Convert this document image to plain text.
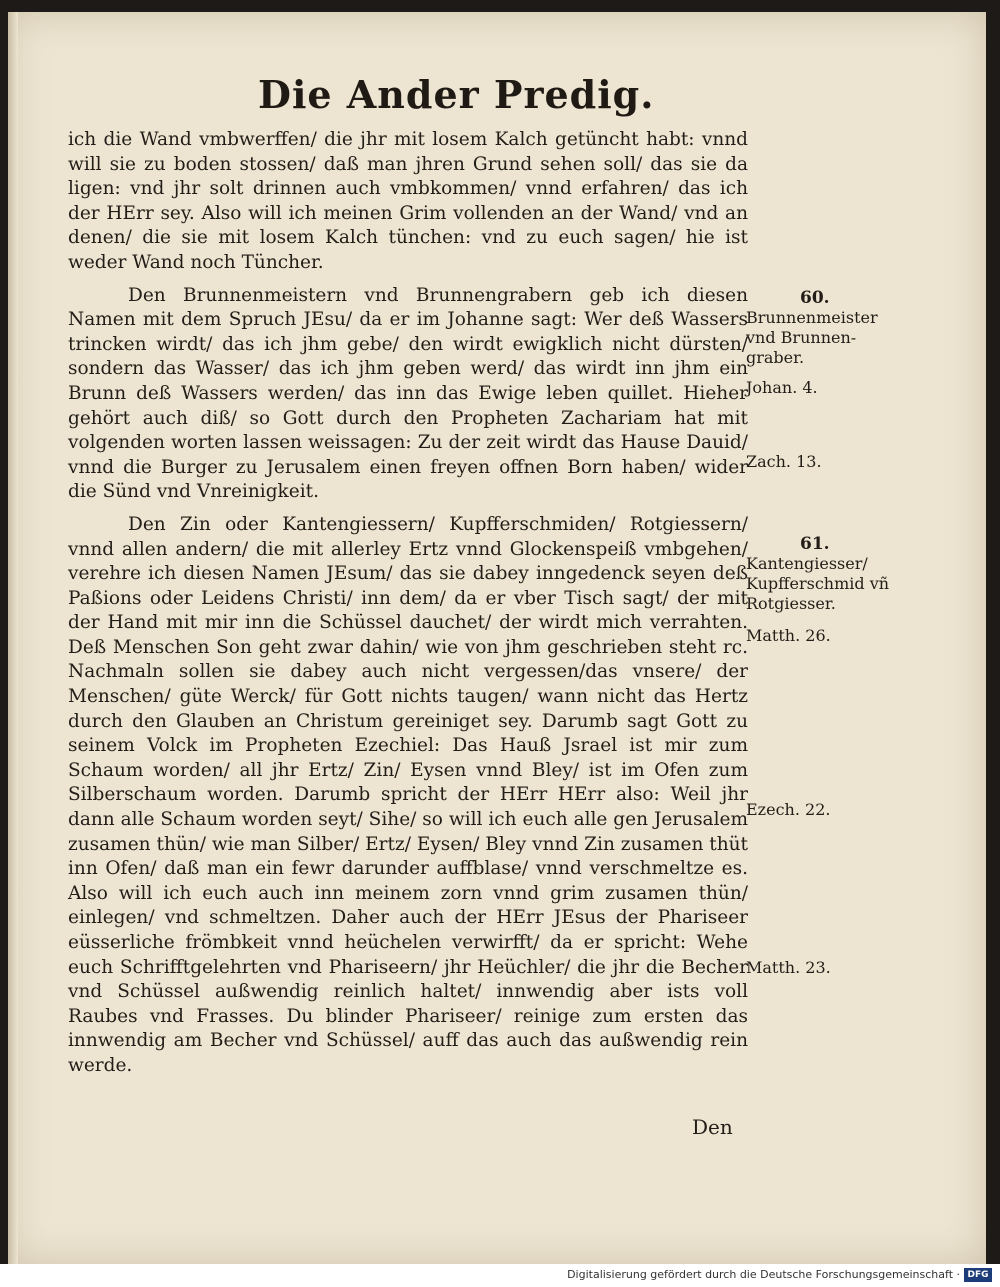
Die Ander Predig.

ich die Wand vmbwerffen/ die jhr mit losem Kalch getüncht habt: vnnd will sie zu boden stossen/ daß man jhren Grund sehen soll/ das sie da ligen: vnd jhr solt drinnen auch vmbkommen/ vnnd erfahren/ das ich der HErr sey. Also will ich meinen Grim vollenden an der Wand/ vnd an denen/ die sie mit losem Kalch tünchen: vnd zu euch sagen/ hie ist weder Wand noch Tüncher.

Den Brunnenmeistern vnd Brunnengrabern geb ich diesen Namen mit dem Spruch JEsu/ da er im Johanne sagt: Wer deß Wassers trincken wirdt/ das ich jhm gebe/ den wirdt ewigklich nicht dürsten/ sondern das Wasser/ das ich jhm geben werd/ das wirdt inn jhm ein Brunn deß Wassers werden/ das inn das Ewige leben quillet. Hieher gehört auch diß/ so Gott durch den Propheten Zachariam hat mit volgenden worten lassen weissagen: Zu der zeit wirdt das Hause Dauid/ vnnd die Burger zu Jerusalem einen freyen offnen Born haben/ wider die Sünd vnd Vnreinigkeit.

Den Zin oder Kantengiessern/ Kupfferschmiden/ Rotgiessern/ vnnd allen andern/ die mit allerley Ertz vnnd Glockenspeiß vmbgehen/ verehre ich diesen Namen JEsum/ das sie dabey inngedenck seyen deß Paßions oder Leidens Christi/ inn dem/ da er vber Tisch sagt/ der mit der Hand mit mir inn die Schüssel dauchet/ der wirdt mich verrahten. Deß Menschen Son geht zwar dahin/ wie von jhm geschrieben steht rc. Nachmaln sollen sie dabey auch nicht vergessen/das vnsere/ der Menschen/ güte Werck/ für Gott nichts taugen/ wann nicht das Hertz durch den Glauben an Christum gereiniget sey. Darumb sagt Gott zu seinem Volck im Propheten Ezechiel: Das Hauß Jsrael ist mir zum Schaum worden/ all jhr Ertz/ Zin/ Eysen vnnd Bley/ ist im Ofen zum Silberschaum worden. Darumb spricht der HErr HErr also: Weil jhr dann alle Schaum worden seyt/ Sihe/ so will ich euch alle gen Jerusalem zusamen thün/ wie man Silber/ Ertz/ Eysen/ Bley vnnd Zin zusamen thüt inn Ofen/ daß man ein fewr darunder auffblase/ vnnd verschmeltze es. Also will ich euch auch inn meinem zorn vnnd grim zusamen thün/ einlegen/ vnd schmeltzen. Daher auch der HErr JEsus der Phariseer eüsserliche frömbkeit vnnd heüchelen verwirfft/ da er spricht: Wehe euch Schrifftgelehrten vnd Phariseern/ jhr Heüchler/ die jhr die Becher vnd Schüssel außwendig reinlich haltet/ innwendig aber ists voll Raubes vnd Frasses. Du blinder Phariseer/ reinige zum ersten das innwendig am Becher vnd Schüssel/ auff das auch das außwendig rein werde.

60.
Brunnenmeister
vnd Brunnen-
graber.
Johan. 4.
Zach. 13.
61.
Kantengiesser/
Kupfferschmid vñ
Rotgiesser.
Matth. 26.
Ezech. 22.
Matth. 23.
Den
Digitalisierung gefördert durch die Deutsche Forschungsgemeinschaft · DFG
